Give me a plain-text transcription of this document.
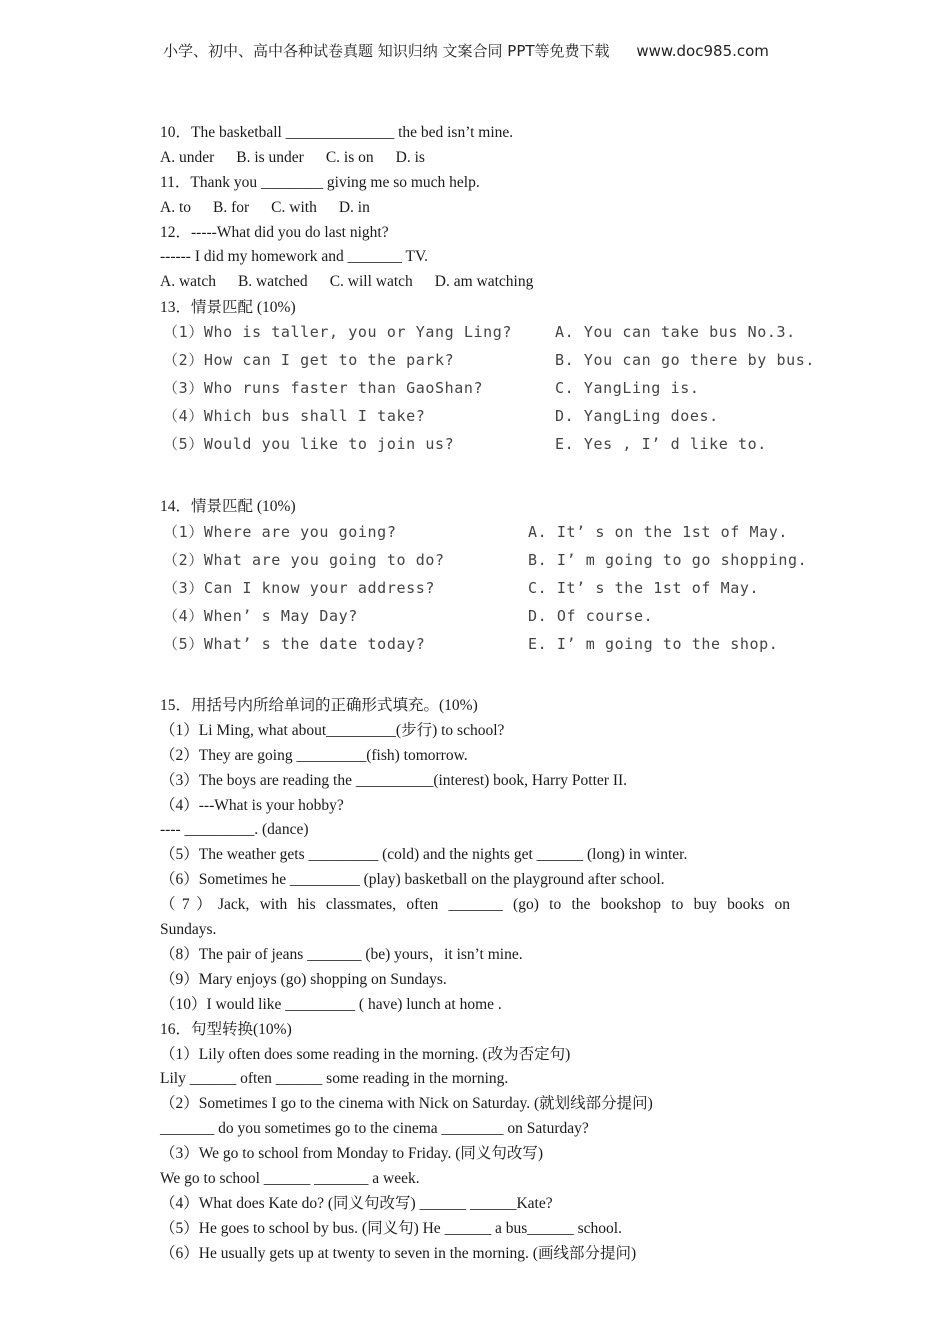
小学、初中、高中各种试卷真题 知识归纳 文案合同 PPT等免费下载 www.doc985.com
10．The basketball ______________ the bed isn’t mine.
A. under B. is under C. is on D. is
11．Thank you ________ giving me so much help.
A. to B. for C. with D. in
12．-----What did you do last night?
------ I did my homework and _______ TV.
A. watch B. watched C. will watch D. am watching
13．情景匹配 (10%)
（1）Who is taller, you or Yang Ling?
（2）How can I get to the park?
（3）Who runs faster than GaoShan?
（4）Which bus shall I take?
（5）Would you like to join us?
A. You can take bus No.3.
B. You can go there by bus.
C. YangLing is.
D. YangLing does.
E. Yes , I’ d like to.
14．情景匹配 (10%)
（1）Where are you going?
（2）What are you going to do?
（3）Can I know your address?
（4）When’ s May Day?
（5）What’ s the date today?
A. It’ s on the 1st of May.
B. I’ m going to go shopping.
C. It’ s the 1st of May.
D. Of course.
E. I’ m going to the shop.
15．用括号内所给单词的正确形式填充。(10%)
（1）Li Ming, what about_________(步行) to school?
（2）They are going _________(fish) tomorrow.
（3）The boys are reading the __________(interest) book, Harry Potter II.
（4）---What is your hobby?
---- _________. (dance)
（5）The weather gets _________ (cold) and the nights get ______ (long) in winter.
（6）Sometimes he _________ (play) basketball on the playground after school.
（7）Jack, with his classmates, often _______ (go) to the bookshop to buy books on
Sundays.
（8）The pair of jeans _______ (be) yours，it isn’t mine.
（9）Mary enjoys (go) shopping on Sundays.
（10）I would like _________ ( have) lunch at home .
16．句型转换(10%)
（1）Lily often does some reading in the morning. (改为否定句)
Lily ______ often ______ some reading in the morning.
（2）Sometimes I go to the cinema with Nick on Saturday. (就划线部分提问)
_______ do you sometimes go to the cinema ________ on Saturday?
（3）We go to school from Monday to Friday. (同义句改写)
We go to school ______ _______ a week.
（4）What does Kate do? (同义句改写) ______ ______Kate?
（5）He goes to school by bus. (同义句) He ______ a bus______ school.
（6）He usually gets up at twenty to seven in the morning. (画线部分提问)
